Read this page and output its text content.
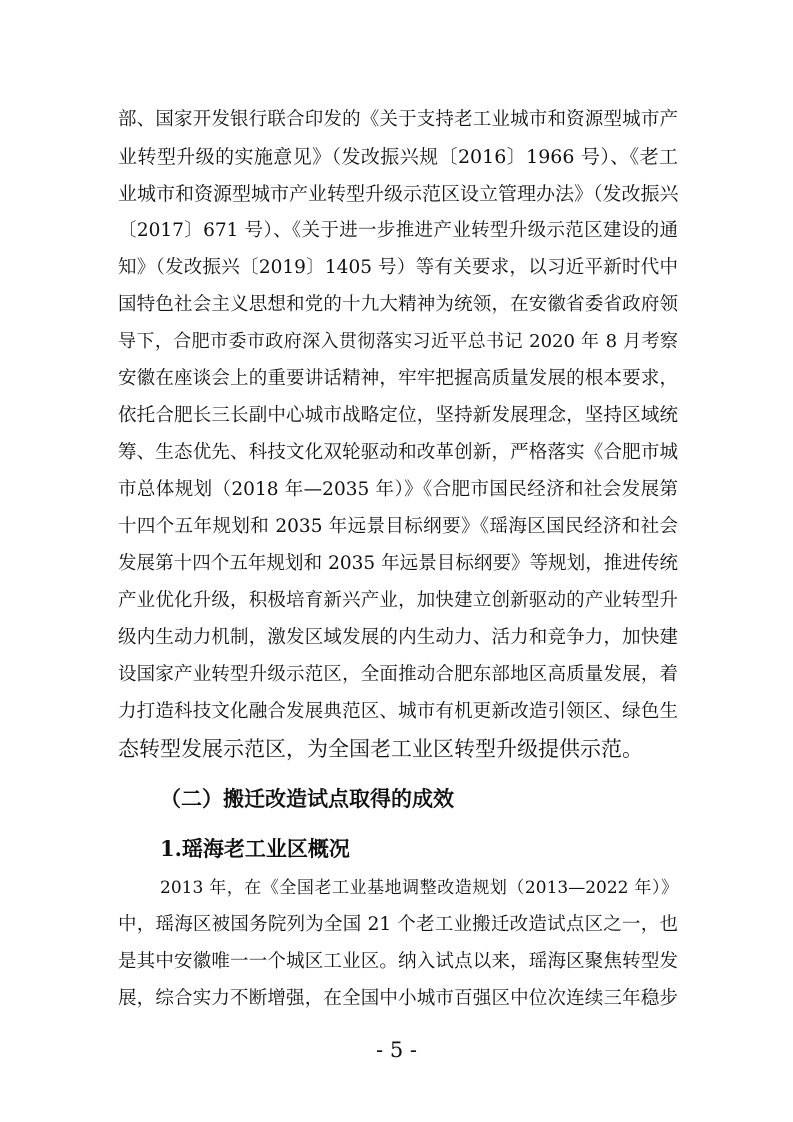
部、国家开发银行联合印发的《关于支持老工业城市和资源型城市产
业转型升级的实施意见》（发改振兴规〔2016〕1966 号）、《老工
业城市和资源型城市产业转型升级示范区设立管理办法》（发改振兴
〔2017〕671 号）、《关于进一步推进产业转型升级示范区建设的通
知》（发改振兴〔2019〕1405 号）等有关要求，以习近平新时代中
国特色社会主义思想和党的十九大精神为统领，在安徽省委省政府领
导下，合肥市委市政府深入贯彻落实习近平总书记 2020 年 8 月考察
安徽在座谈会上的重要讲话精神，牢牢把握高质量发展的根本要求，
依托合肥长三长副中心城市战略定位，坚持新发展理念，坚持区域统
筹、生态优先、科技文化双轮驱动和改革创新，严格落实《合肥市城
市总体规划（2018 年—2035 年）》《合肥市国民经济和社会发展第
十四个五年规划和 2035 年远景目标纲要》《瑶海区国民经济和社会
发展第十四个五年规划和 2035 年远景目标纲要》等规划，推进传统
产业优化升级，积极培育新兴产业，加快建立创新驱动的产业转型升
级内生动力机制，激发区域发展的内生动力、活力和竞争力，加快建
设国家产业转型升级示范区，全面推动合肥东部地区高质量发展，着
力打造科技文化融合发展典范区、城市有机更新改造引领区、绿色生
态转型发展示范区，为全国老工业区转型升级提供示范。
（二）搬迁改造试点取得的成效
1.瑶海老工业区概况
2013 年，在《全国老工业基地调整改造规划（2013—2022 年）》
中，瑶海区被国务院列为全国 21 个老工业搬迁改造试点区之一，也
是其中安徽唯一一个城区工业区。纳入试点以来，瑶海区聚焦转型发
展，综合实力不断增强，在全国中小城市百强区中位次连续三年稳步
- 5 -
